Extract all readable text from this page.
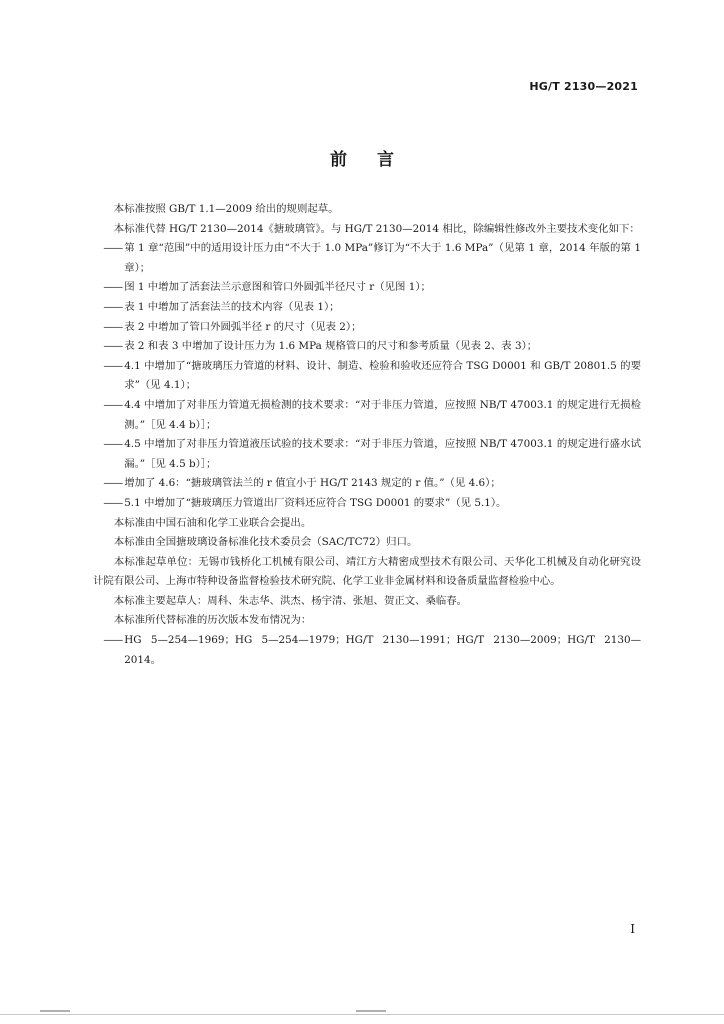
HG/T 2130—2021
前言

本标准按照 GB/T 1.1—2009 给出的规则起草。

本标准代替 HG/T 2130—2014《搪玻璃管》。与 HG/T 2130—2014 相比，除编辑性修改外主要技术变化如下：

—— 第 1 章“范围”中的适用设计压力由“不大于 1.0 MPa”修订为“不大于 1.6 MPa”（见第 1 章，2014 年版的第 1 章）；

—— 图 1 中增加了活套法兰示意图和管口外圆弧半径尺寸 r（见图 1）；

—— 表 1 中增加了活套法兰的技术内容（见表 1）；

—— 表 2 中增加了管口外圆弧半径 r 的尺寸（见表 2）；

—— 表 2 和表 3 中增加了设计压力为 1.6 MPa 规格管口的尺寸和参考质量（见表 2、表 3）；

—— 4.1 中增加了“搪玻璃压力管道的材料、设计、制造、检验和验收还应符合 TSG D0001 和 GB/T 20801.5 的要求”（见 4.1）；

—— 4.4 中增加了对非压力管道无损检测的技术要求：“对于非压力管道，应按照 NB/T 47003.1 的规定进行无损检测。”［见 4.4 b）］；

—— 4.5 中增加了对非压力管道液压试验的技术要求：“对于非压力管道，应按照 NB/T 47003.1 的规定进行盛水试漏。”［见 4.5 b）］；

—— 增加了 4.6：“搪玻璃管法兰的 r 值宜小于 HG/T 2143 规定的 r 值。”（见 4.6）；

—— 5.1 中增加了“搪玻璃压力管道出厂资料还应符合 TSG D0001 的要求”（见 5.1）。

本标准由中国石油和化学工业联合会提出。

本标准由全国搪玻璃设备标准化技术委员会（SAC/TC72）归口。

本标准起草单位：无锡市钱桥化工机械有限公司、靖江方大精密成型技术有限公司、天华化工机械及自动化研究设计院有限公司、上海市特种设备监督检验技术研究院、化学工业非金属材料和设备质量监督检验中心。

本标准主要起草人：周科、朱志华、洪杰、杨宇清、张旭、贺正文、桑临春。

本标准所代替标准的历次版本发布情况为：

—— HG 5—254—1969；HG 5—254—1979；HG/T 2130—1991；HG/T 2130—2009；HG/T 2130—2014。

I
